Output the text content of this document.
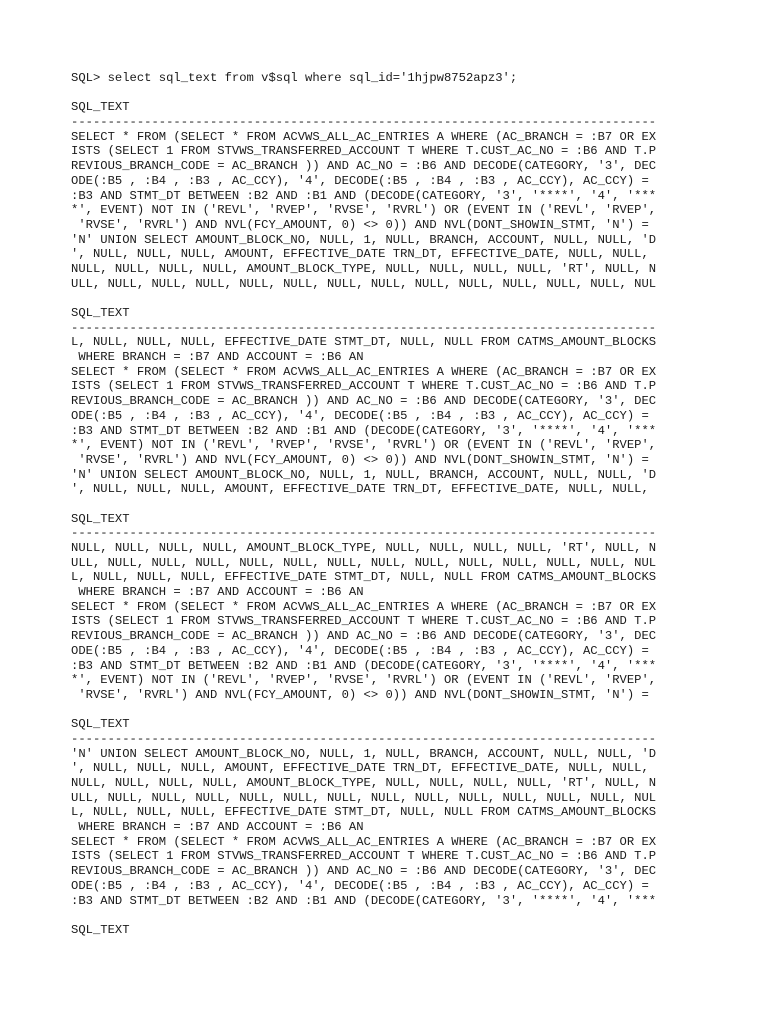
SQL> select sql_text from v$sql where sql_id='1hjpw8752apz3';
SQL_TEXT
--------------------------------------------------------------------------------
SELECT * FROM (SELECT * FROM ACVWS_ALL_AC_ENTRIES A WHERE (AC_BRANCH = :B7 OR EX
ISTS (SELECT 1 FROM STVWS_TRANSFERRED_ACCOUNT T WHERE T.CUST_AC_NO = :B6 AND T.P
REVIOUS_BRANCH_CODE = AC_BRANCH )) AND AC_NO = :B6 AND DECODE(CATEGORY, '3', DEC
ODE(:B5 , :B4 , :B3 , AC_CCY), '4', DECODE(:B5 , :B4 , :B3 , AC_CCY), AC_CCY) =
:B3 AND STMT_DT BETWEEN :B2 AND :B1 AND (DECODE(CATEGORY, '3', '****', '4', '***
*', EVENT) NOT IN ('REVL', 'RVEP', 'RVSE', 'RVRL') OR (EVENT IN ('REVL', 'RVEP',
'RVSE', 'RVRL') AND NVL(FCY_AMOUNT, 0) <> 0)) AND NVL(DONT_SHOWIN_STMT, 'N') =
'N' UNION SELECT AMOUNT_BLOCK_NO, NULL, 1, NULL, BRANCH, ACCOUNT, NULL, NULL, 'D
', NULL, NULL, NULL, AMOUNT, EFFECTIVE_DATE TRN_DT, EFFECTIVE_DATE, NULL, NULL,
NULL, NULL, NULL, NULL, AMOUNT_BLOCK_TYPE, NULL, NULL, NULL, NULL, 'RT', NULL, N
ULL, NULL, NULL, NULL, NULL, NULL, NULL, NULL, NULL, NULL, NULL, NULL, NULL, NUL
SQL_TEXT
--------------------------------------------------------------------------------
L, NULL, NULL, NULL, EFFECTIVE_DATE STMT_DT, NULL, NULL FROM CATMS_AMOUNT_BLOCKS
WHERE BRANCH = :B7 AND ACCOUNT = :B6 AN
SELECT * FROM (SELECT * FROM ACVWS_ALL_AC_ENTRIES A WHERE (AC_BRANCH = :B7 OR EX
ISTS (SELECT 1 FROM STVWS_TRANSFERRED_ACCOUNT T WHERE T.CUST_AC_NO = :B6 AND T.P
REVIOUS_BRANCH_CODE = AC_BRANCH )) AND AC_NO = :B6 AND DECODE(CATEGORY, '3', DEC
ODE(:B5 , :B4 , :B3 , AC_CCY), '4', DECODE(:B5 , :B4 , :B3 , AC_CCY), AC_CCY) =
:B3 AND STMT_DT BETWEEN :B2 AND :B1 AND (DECODE(CATEGORY, '3', '****', '4', '***
*', EVENT) NOT IN ('REVL', 'RVEP', 'RVSE', 'RVRL') OR (EVENT IN ('REVL', 'RVEP',
'RVSE', 'RVRL') AND NVL(FCY_AMOUNT, 0) <> 0)) AND NVL(DONT_SHOWIN_STMT, 'N') =
'N' UNION SELECT AMOUNT_BLOCK_NO, NULL, 1, NULL, BRANCH, ACCOUNT, NULL, NULL, 'D
', NULL, NULL, NULL, AMOUNT, EFFECTIVE_DATE TRN_DT, EFFECTIVE_DATE, NULL, NULL,
SQL_TEXT
--------------------------------------------------------------------------------
NULL, NULL, NULL, NULL, AMOUNT_BLOCK_TYPE, NULL, NULL, NULL, NULL, 'RT', NULL, N
ULL, NULL, NULL, NULL, NULL, NULL, NULL, NULL, NULL, NULL, NULL, NULL, NULL, NUL
L, NULL, NULL, NULL, EFFECTIVE_DATE STMT_DT, NULL, NULL FROM CATMS_AMOUNT_BLOCKS
WHERE BRANCH = :B7 AND ACCOUNT = :B6 AN
SELECT * FROM (SELECT * FROM ACVWS_ALL_AC_ENTRIES A WHERE (AC_BRANCH = :B7 OR EX
ISTS (SELECT 1 FROM STVWS_TRANSFERRED_ACCOUNT T WHERE T.CUST_AC_NO = :B6 AND T.P
REVIOUS_BRANCH_CODE = AC_BRANCH )) AND AC_NO = :B6 AND DECODE(CATEGORY, '3', DEC
ODE(:B5 , :B4 , :B3 , AC_CCY), '4', DECODE(:B5 , :B4 , :B3 , AC_CCY), AC_CCY) =
:B3 AND STMT_DT BETWEEN :B2 AND :B1 AND (DECODE(CATEGORY, '3', '****', '4', '***
*', EVENT) NOT IN ('REVL', 'RVEP', 'RVSE', 'RVRL') OR (EVENT IN ('REVL', 'RVEP',
'RVSE', 'RVRL') AND NVL(FCY_AMOUNT, 0) <> 0)) AND NVL(DONT_SHOWIN_STMT, 'N') =
SQL_TEXT
--------------------------------------------------------------------------------
'N' UNION SELECT AMOUNT_BLOCK_NO, NULL, 1, NULL, BRANCH, ACCOUNT, NULL, NULL, 'D
', NULL, NULL, NULL, AMOUNT, EFFECTIVE_DATE TRN_DT, EFFECTIVE_DATE, NULL, NULL,
NULL, NULL, NULL, NULL, AMOUNT_BLOCK_TYPE, NULL, NULL, NULL, NULL, 'RT', NULL, N
ULL, NULL, NULL, NULL, NULL, NULL, NULL, NULL, NULL, NULL, NULL, NULL, NULL, NUL
L, NULL, NULL, NULL, EFFECTIVE_DATE STMT_DT, NULL, NULL FROM CATMS_AMOUNT_BLOCKS
WHERE BRANCH = :B7 AND ACCOUNT = :B6 AN
SELECT * FROM (SELECT * FROM ACVWS_ALL_AC_ENTRIES A WHERE (AC_BRANCH = :B7 OR EX
ISTS (SELECT 1 FROM STVWS_TRANSFERRED_ACCOUNT T WHERE T.CUST_AC_NO = :B6 AND T.P
REVIOUS_BRANCH_CODE = AC_BRANCH )) AND AC_NO = :B6 AND DECODE(CATEGORY, '3', DEC
ODE(:B5 , :B4 , :B3 , AC_CCY), '4', DECODE(:B5 , :B4 , :B3 , AC_CCY), AC_CCY) =
:B3 AND STMT_DT BETWEEN :B2 AND :B1 AND (DECODE(CATEGORY, '3', '****', '4', '***
SQL_TEXT
